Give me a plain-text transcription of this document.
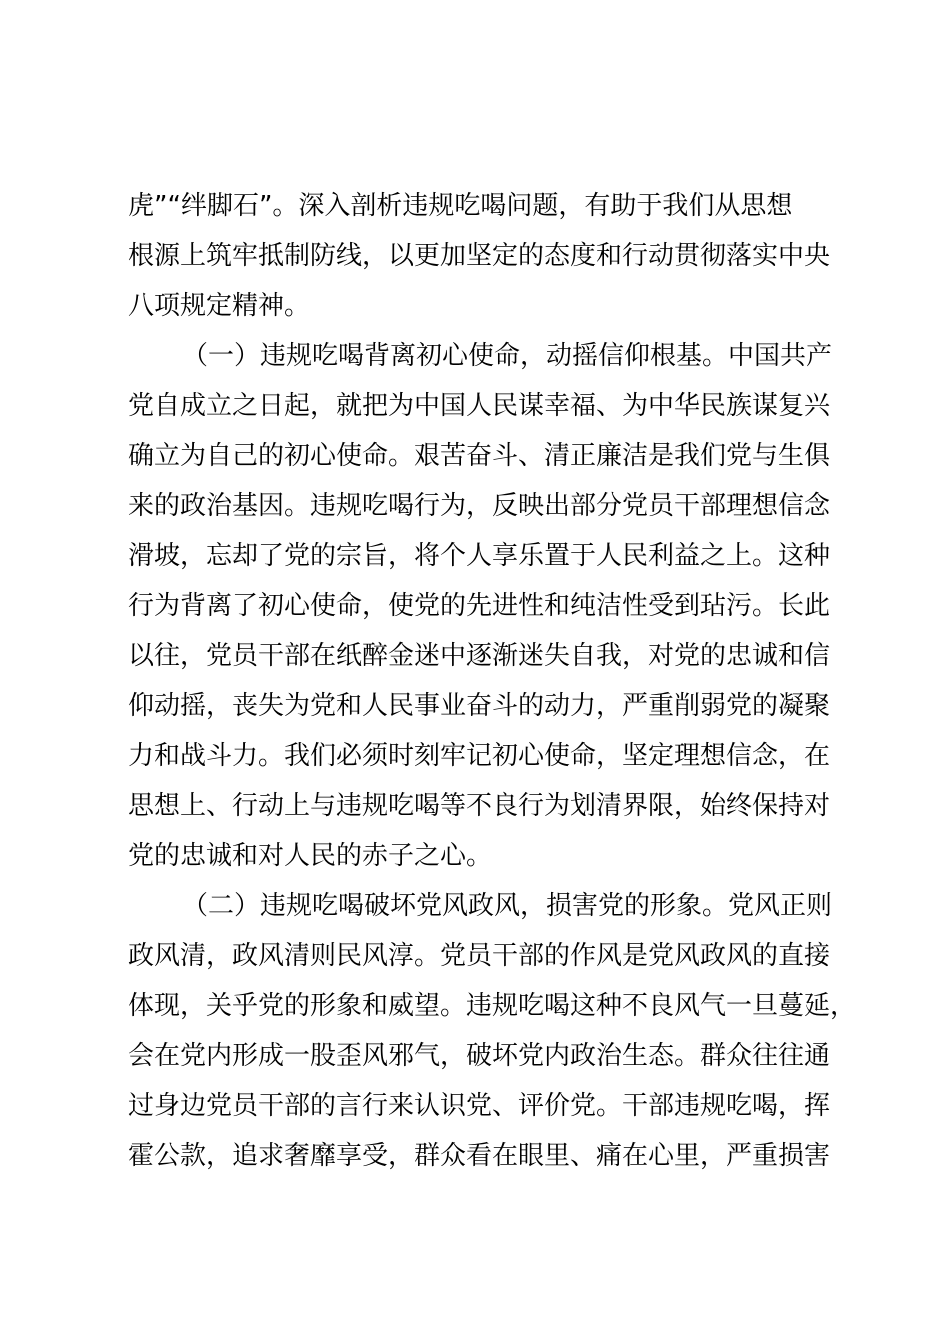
虎”“绊脚石”。深入剖析违规吃喝问题，有助于我们从思想
根源上筑牢抵制防线，以更加坚定的态度和行动贯彻落实中央
八项规定精神。
（一）违规吃喝背离初心使命，动摇信仰根基。中国共产
党自成立之日起，就把为中国人民谋幸福、为中华民族谋复兴
确立为自己的初心使命。艰苦奋斗、清正廉洁是我们党与生俱
来的政治基因。违规吃喝行为，反映出部分党员干部理想信念
滑坡，忘却了党的宗旨，将个人享乐置于人民利益之上。这种
行为背离了初心使命，使党的先进性和纯洁性受到玷污。长此
以往，党员干部在纸醉金迷中逐渐迷失自我，对党的忠诚和信
仰动摇，丧失为党和人民事业奋斗的动力，严重削弱党的凝聚
力和战斗力。我们必须时刻牢记初心使命，坚定理想信念，在
思想上、行动上与违规吃喝等不良行为划清界限，始终保持对
党的忠诚和对人民的赤子之心。
（二）违规吃喝破坏党风政风，损害党的形象。党风正则
政风清，政风清则民风淳。党员干部的作风是党风政风的直接
体现，关乎党的形象和威望。违规吃喝这种不良风气一旦蔓延，
会在党内形成一股歪风邪气，破坏党内政治生态。群众往往通
过身边党员干部的言行来认识党、评价党。干部违规吃喝，挥
霍公款，追求奢靡享受，群众看在眼里、痛在心里，严重损害
